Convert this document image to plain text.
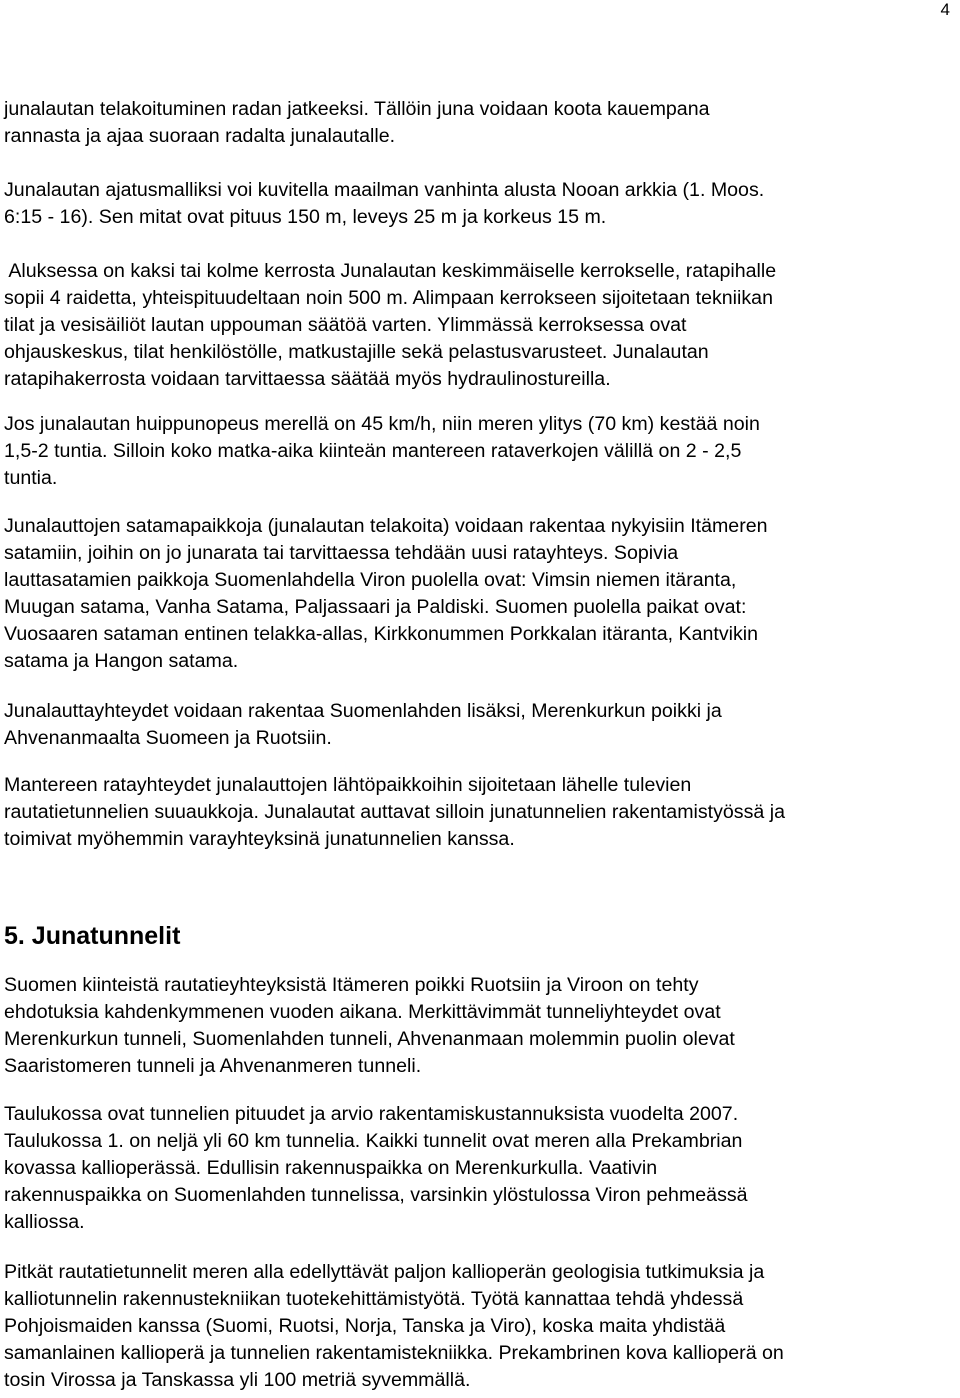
4

junalautan telakoituminen radan jatkeeksi. Tällöin juna voidaan koota kauempana
rannasta ja ajaa suoraan radalta junalautalle.

Junalautan ajatusmalliksi voi kuvitella maailman vanhinta alusta Nooan arkkia (1. Moos.
6:15 - 16). Sen mitat ovat pituus 150 m, leveys 25 m ja korkeus 15 m.

Aluksessa on kaksi tai kolme kerrosta Junalautan keskimmäiselle kerrokselle, ratapihalle
sopii 4 raidetta, yhteispituudeltaan noin 500 m. Alimpaan kerrokseen sijoitetaan tekniikan
tilat ja vesisäiliöt lautan uppouman säätöä varten. Ylimmässä kerroksessa ovat
ohjauskeskus, tilat henkilöstölle, matkustajille sekä pelastusvarusteet. Junalautan
ratapihakerrosta voidaan tarvittaessa säätää myös hydraulinostureilla.

Jos junalautan huippunopeus merellä on 45 km/h, niin meren ylitys (70 km) kestää noin
1,5-2 tuntia. Silloin koko matka-aika kiinteän mantereen rataverkojen välillä on 2 - 2,5
tuntia.

Junalauttojen satamapaikkoja (junalautan telakoita) voidaan rakentaa nykyisiin Itämeren
satamiin, joihin on jo junarata tai tarvittaessa tehdään uusi ratayhteys. Sopivia
lauttasatamien paikkoja Suomenlahdella Viron puolella ovat: Vimsin niemen itäranta,
Muugan satama, Vanha Satama, Paljassaari ja Paldiski. Suomen puolella paikat ovat:
Vuosaaren sataman entinen telakka-allas, Kirkkonummen Porkkalan itäranta, Kantvikin
satama ja Hangon satama.

Junalauttayhteydet voidaan rakentaa Suomenlahden lisäksi, Merenkurkun poikki ja
Ahvenanmaalta Suomeen ja Ruotsiin.

Mantereen ratayhteydet junalauttojen lähtöpaikkoihin sijoitetaan lähelle tulevien
rautatietunnelien suuaukkoja. Junalautat auttavat silloin junatunnelien rakentamistyössä ja
toimivat myöhemmin varayhteyksinä junatunnelien kanssa.

5. Junatunnelit

Suomen kiinteistä rautatieyhteyksistä Itämeren poikki Ruotsiin ja Viroon on tehty
ehdotuksia kahdenkymmenen vuoden aikana. Merkittävimmät tunneliyhteydet ovat
Merenkurkun tunneli, Suomenlahden tunneli, Ahvenanmaan molemmin puolin olevat
Saaristomeren tunneli ja Ahvenanmeren tunneli.

Taulukossa ovat tunnelien pituudet ja arvio rakentamiskustannuksista vuodelta 2007.
Taulukossa 1. on neljä yli 60 km tunnelia. Kaikki tunnelit ovat meren alla Prekambrian
kovassa kallioperässä. Edullisin rakennuspaikka on Merenkurkulla. Vaativin
rakennuspaikka on Suomenlahden tunnelissa, varsinkin ylöstulossa Viron pehmeässä
kalliossa.

Pitkät rautatietunnelit meren alla edellyttävät paljon kallioperän geologisia tutkimuksia ja
kalliotunnelin rakennustekniikan tuotekehittämistyötä. Työtä kannattaa tehdä yhdessä
Pohjoismaiden kanssa (Suomi, Ruotsi, Norja, Tanska ja Viro), koska maita yhdistää
samanlainen kallioperä ja tunnelien rakentamistekniikka. Prekambrinen kova kallioperä on
tosin Virossa ja Tanskassa yli 100 metriä syvemmällä.
